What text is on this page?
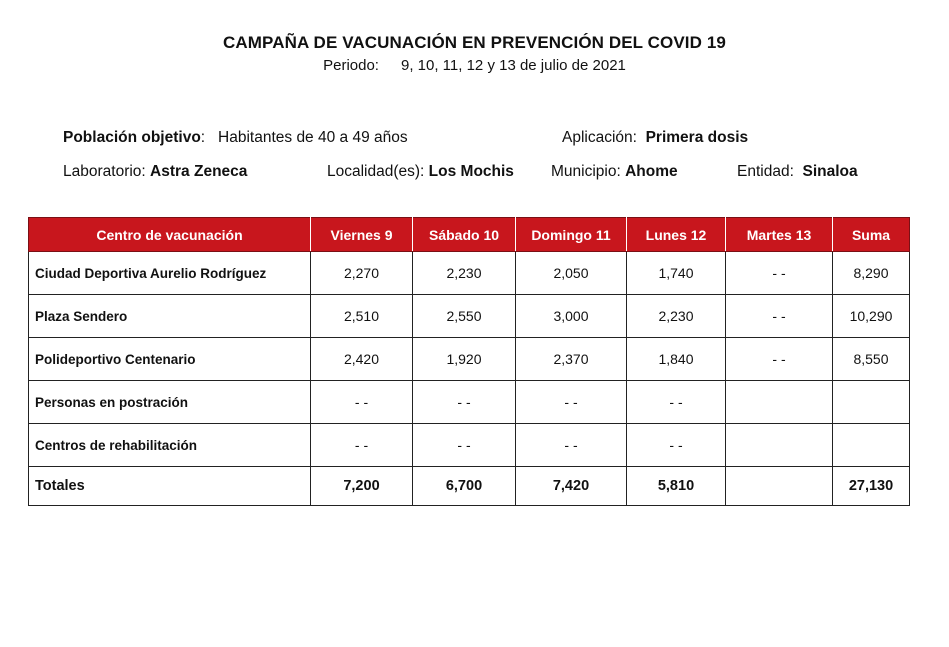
CAMPAÑA DE VACUNACIÓN EN PREVENCIÓN DEL COVID 19
Periodo: 9, 10, 11, 12 y 13 de julio de 2021
Población objetivo: Habitantes de 40 a 49 años	Aplicación: Primera dosis
Laboratorio: Astra Zeneca	Localidad(es): Los Mochis Municipio: Ahome	Entidad: Sinaloa
Centro de vacunación	Viernes 9	Sábado 10	Domingo 11	Lunes 12	Martes 13	Suma
Ciudad Deportiva Aurelio Rodríguez	2,270	2,230	2,050	1,740	- -	8,290
Plaza Sendero	2,510	2,550	3,000	2,230	- -	10,290
Polideportivo Centenario	2,420	1,920	2,370	1,840	- -	8,550
Personas en postración	- -	- -	- -	- -		
Centros de rehabilitación	- -	- -	- -	- -		
Totales	7,200	6,700	7,420	5,810		27,130
